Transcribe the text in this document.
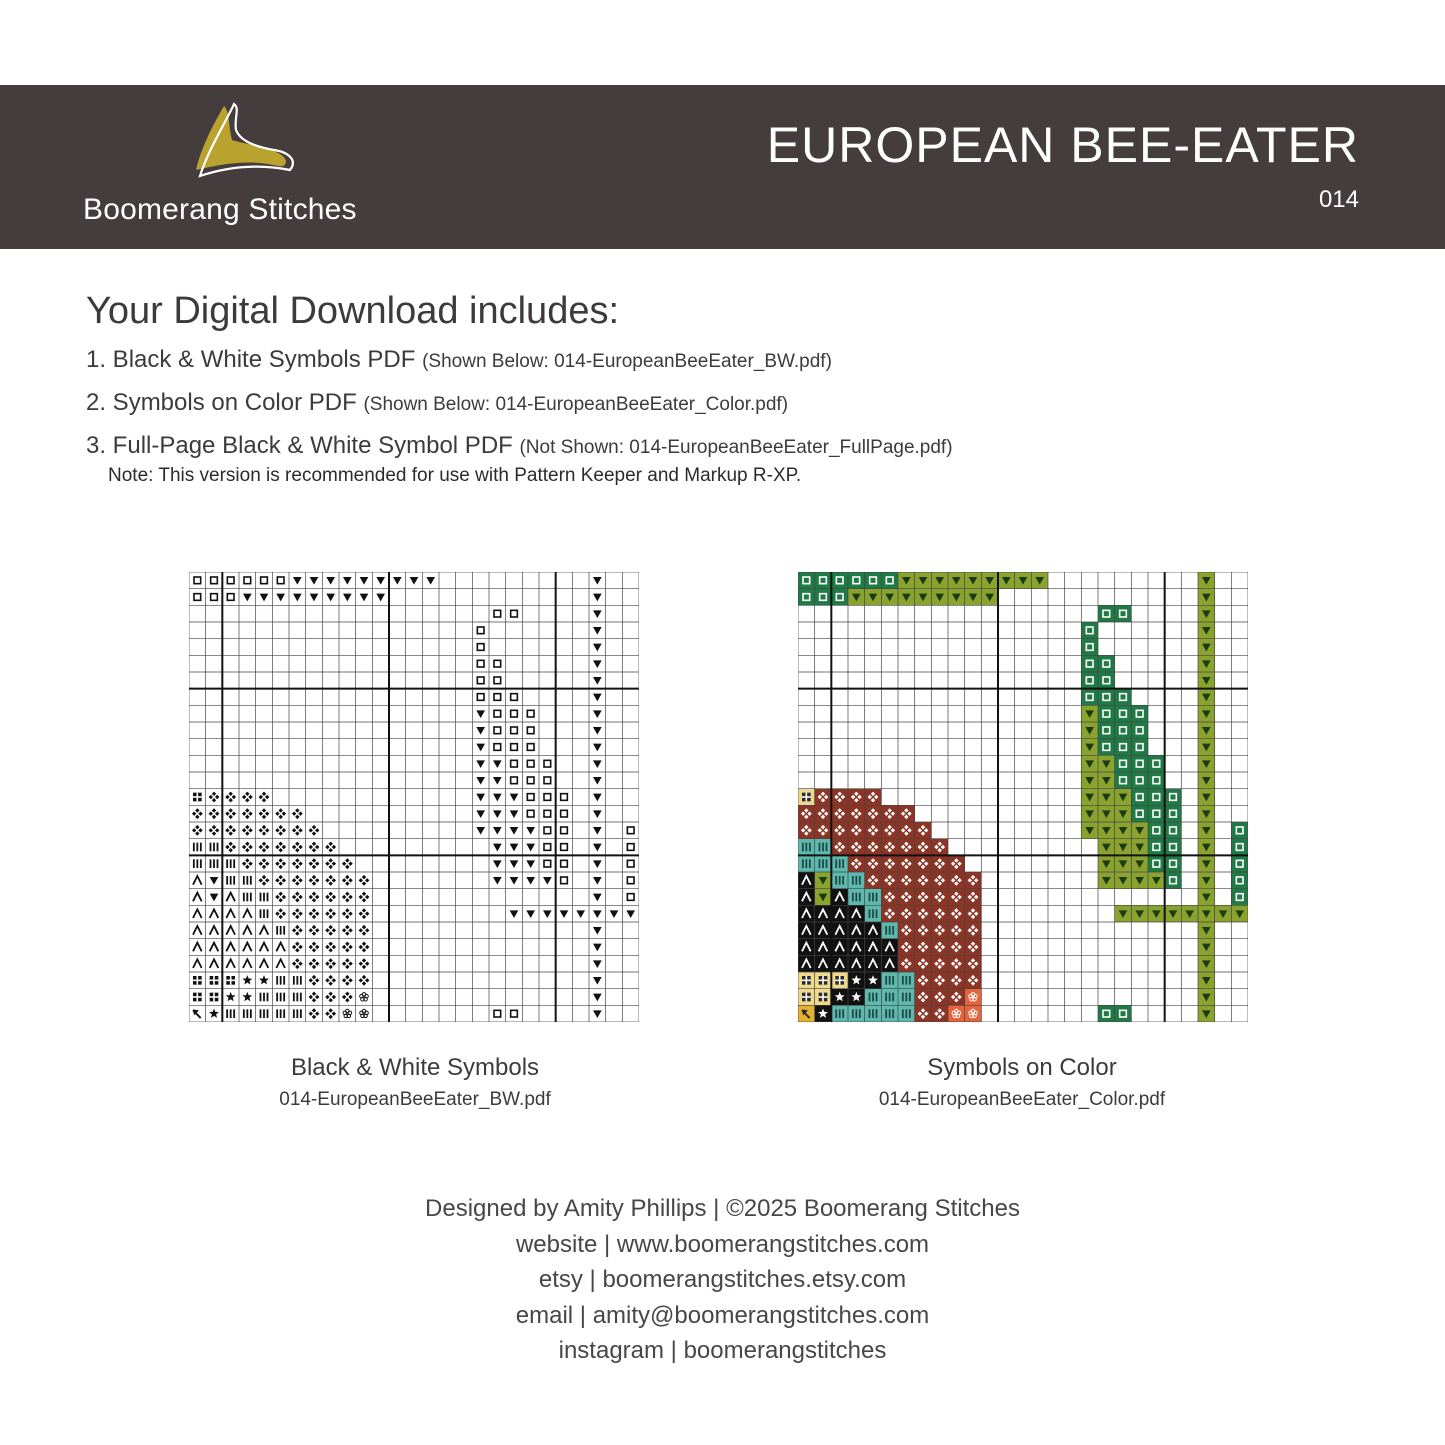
Boomerang Stitches
EUROPEAN BEE-EATER
014
Your Digital Download includes:
1. Black & White Symbols PDF (Shown Below: 014-EuropeanBeeEater_BW.pdf)
2. Symbols on Color PDF (Shown Below: 014-EuropeanBeeEater_Color.pdf)
3. Full-Page Black & White Symbol PDF (Not Shown: 014-EuropeanBeeEater_FullPage.pdf)
Note: This version is recommended for use with Pattern Keeper and Markup R-XP.
Black & White Symbols
014-EuropeanBeeEater_BW.pdf
Symbols on Color
014-EuropeanBeeEater_Color.pdf
Designed by Amity Phillips | ©2025 Boomerang Stitches
website | www.boomerangstitches.com
etsy | boomerangstitches.etsy.com
email | amity@boomerangstitches.com
instagram | boomerangstitches
